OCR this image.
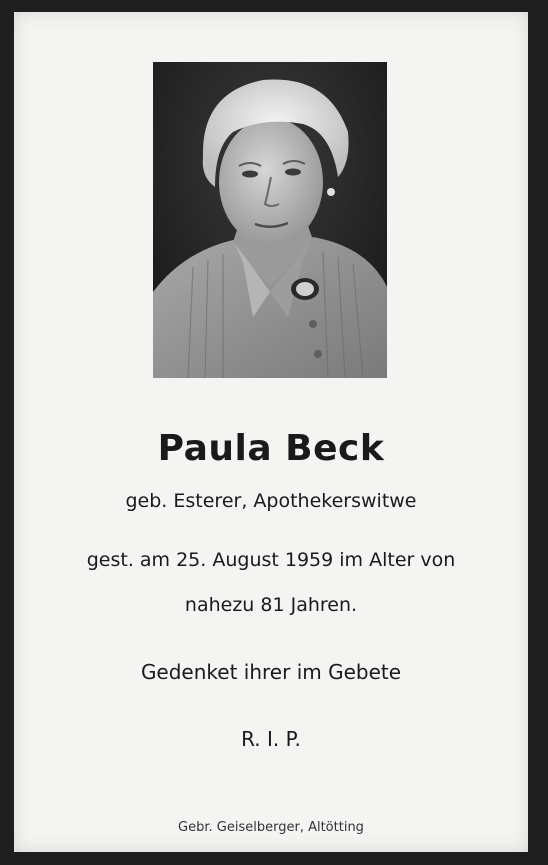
Paula Beck
geb. Esterer, Apothekerswitwe
gest. am 25. August 1959 im Alter von
nahezu 81 Jahren.
Gedenket ihrer im Gebete
R. I. P.
Gebr. Geiselberger, Altötting
